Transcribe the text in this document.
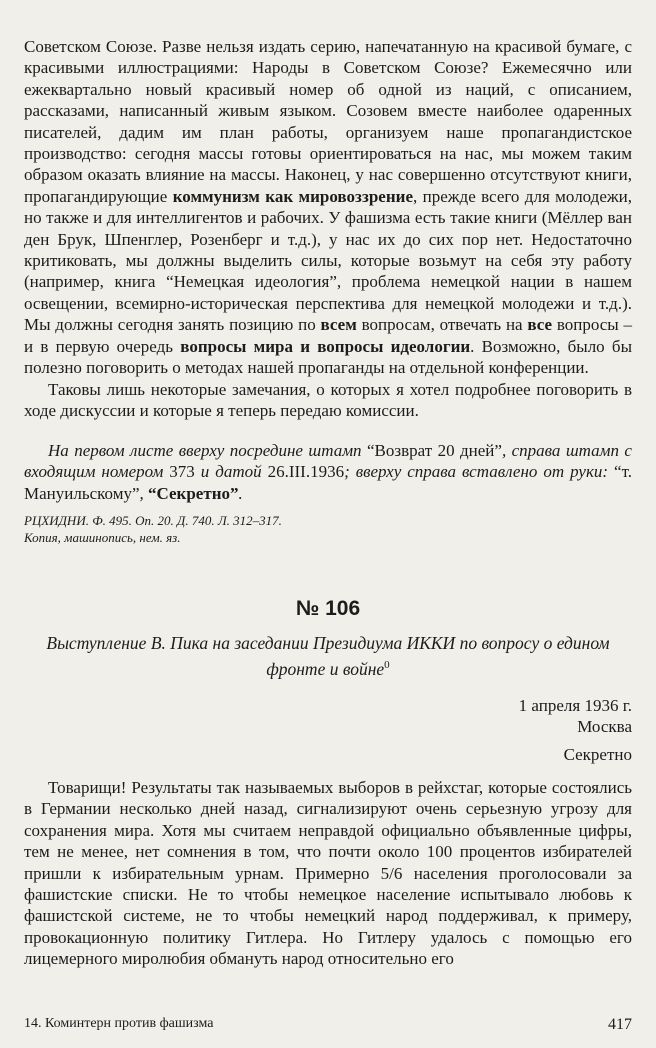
Советском Союзе. Разве нельзя издать серию, напечатанную на красивой бумаге, с красивыми иллюстрациями: Народы в Советском Союзе? Ежемесячно или ежеквартально новый красивый номер об одной из наций, с описанием, рассказами, написанный живым языком. Созовем вместе наиболее одаренных писателей, дадим им план работы, организуем наше пропагандистское производство: сегодня массы готовы ориентироваться на нас, мы можем таким образом оказать влияние на массы. Наконец, у нас совершенно отсутствуют книги, пропагандирующие коммунизм как мировоззрение, прежде всего для молодежи, но также и для интеллигентов и рабочих. У фашизма есть такие книги (Мёллер ван ден Брук, Шпенглер, Розенберг и т.д.), у нас их до сих пор нет. Недостаточно критиковать, мы должны выделить силы, которые возьмут на себя эту работу (например, книга “Немецкая идеология”, проблема немецкой нации в нашем освещении, всемирно-историческая перспектива для немецкой молодежи и т.д.). Мы должны сегодня занять позицию по всем вопросам, отвечать на все вопросы – и в первую очередь вопросы мира и вопросы идеологии. Возможно, было бы полезно поговорить о методах нашей пропаганды на отдельной конференции.

Таковы лишь некоторые замечания, о которых я хотел подробнее поговорить в ходе дискуссии и которые я теперь передаю комиссии.

На первом листе вверху посредине штамп “Возврат 20 дней”, справа штамп с входящим номером 373 и датой 26.III.1936; вверху справа вставлено от руки: “т. Мануильскому”, “Секретно”.
РЦХИДНИ. Ф. 495. Оп. 20. Д. 740. Л. 312–317.
Копия, машинопись, нем. яз.
№ 106
Выступление В. Пика на заседании Президиума ИККИ по вопросу о едином фронте и войне$^0$
1 апреля 1936 г.
Москва
Секретно

Товарищи! Результаты так называемых выборов в рейхстаг, которые состоялись в Германии несколько дней назад, сигнализируют очень серьезную угрозу для сохранения мира. Хотя мы считаем неправдой официально объявленные цифры, тем не менее, нет сомнения в том, что почти около 100 процентов избирателей пришли к избирательным урнам. Примерно 5/6 населения проголосовали за фашистские списки. Не то чтобы немецкое население испытывало любовь к фашистской системе, не то чтобы немецкий народ поддерживал, к примеру, провокационную политику Гитлера. Но Гитлеру удалось с помощью его лицемерного миролюбия обмануть народ относительно его

14. Коминтерн против фашизма	417
